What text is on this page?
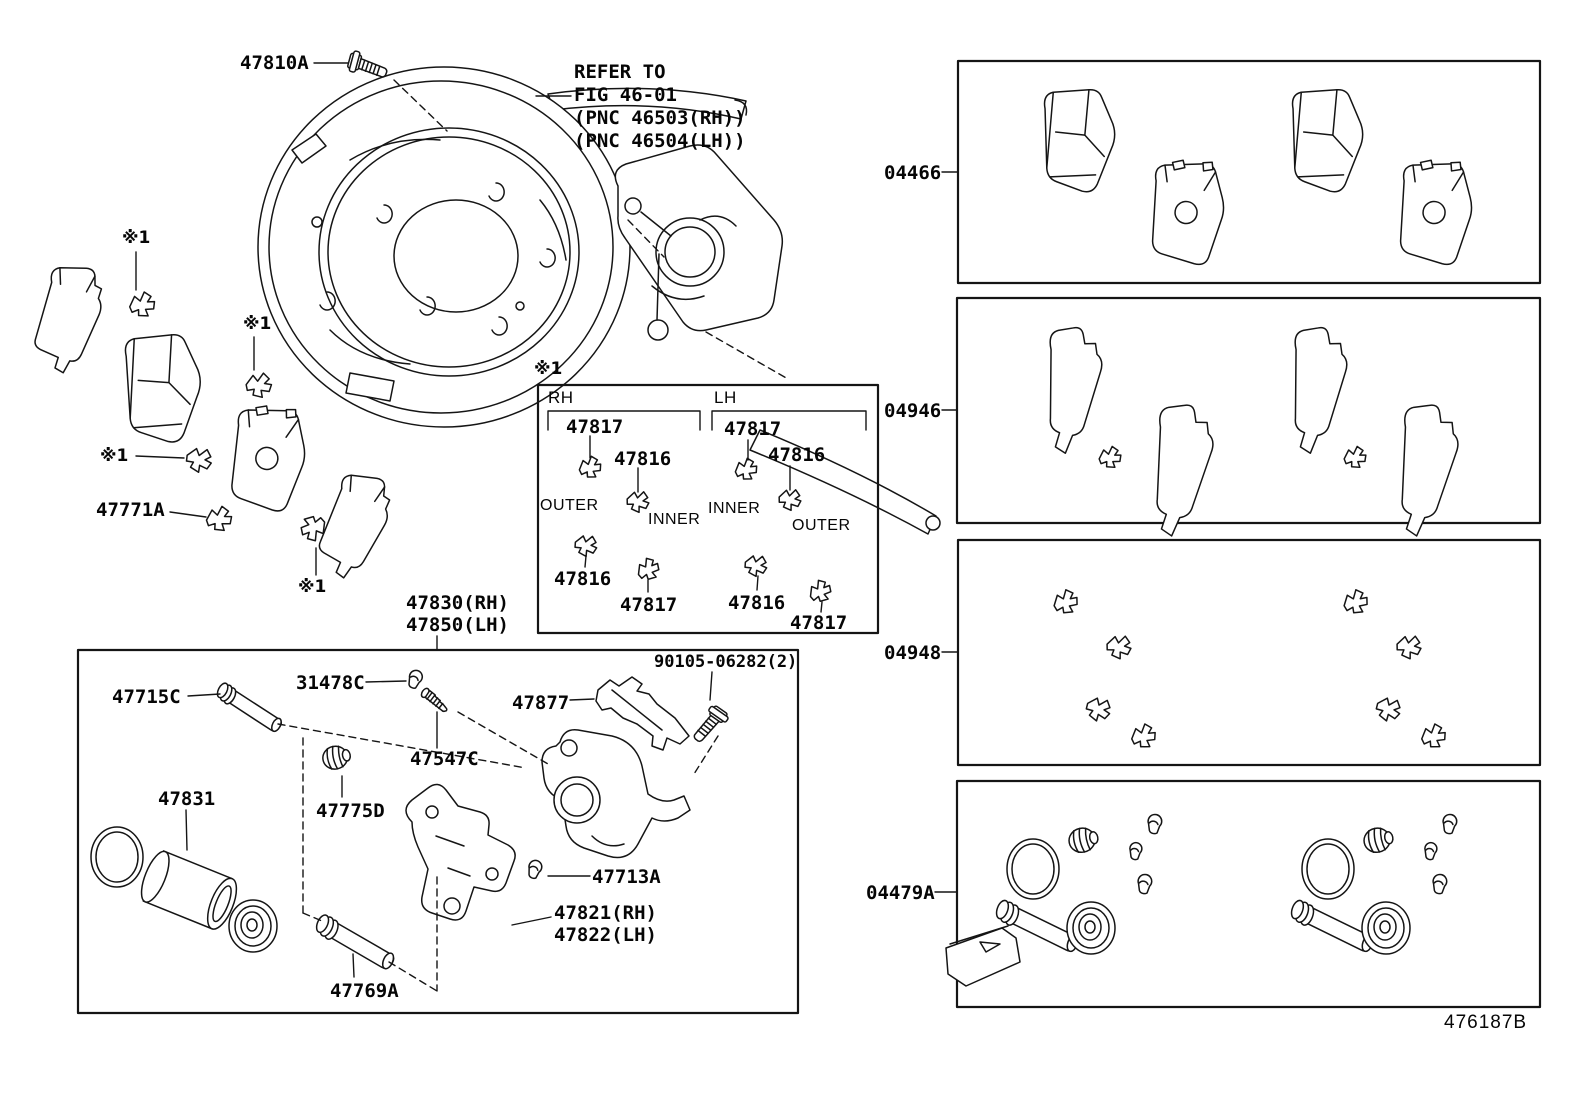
47810A	REFER TO
FIG 46-01
(PNC 46503(RH))
(PNC 46504(LH))
※1
※1
※1
※1
※1
47771A
47830(RH)
47850(LH)
RH	LH
47817
47816
OUTER
INNER
47816
47817
47817
47816
INNER
OUTER
47816
47817
47715C
31478C
47547C
47877
90105-06282(2)
47775D
47831
47713A
47821(RH)
47822(LH)
47769A
04466
04946
04948
04479A
476187B
